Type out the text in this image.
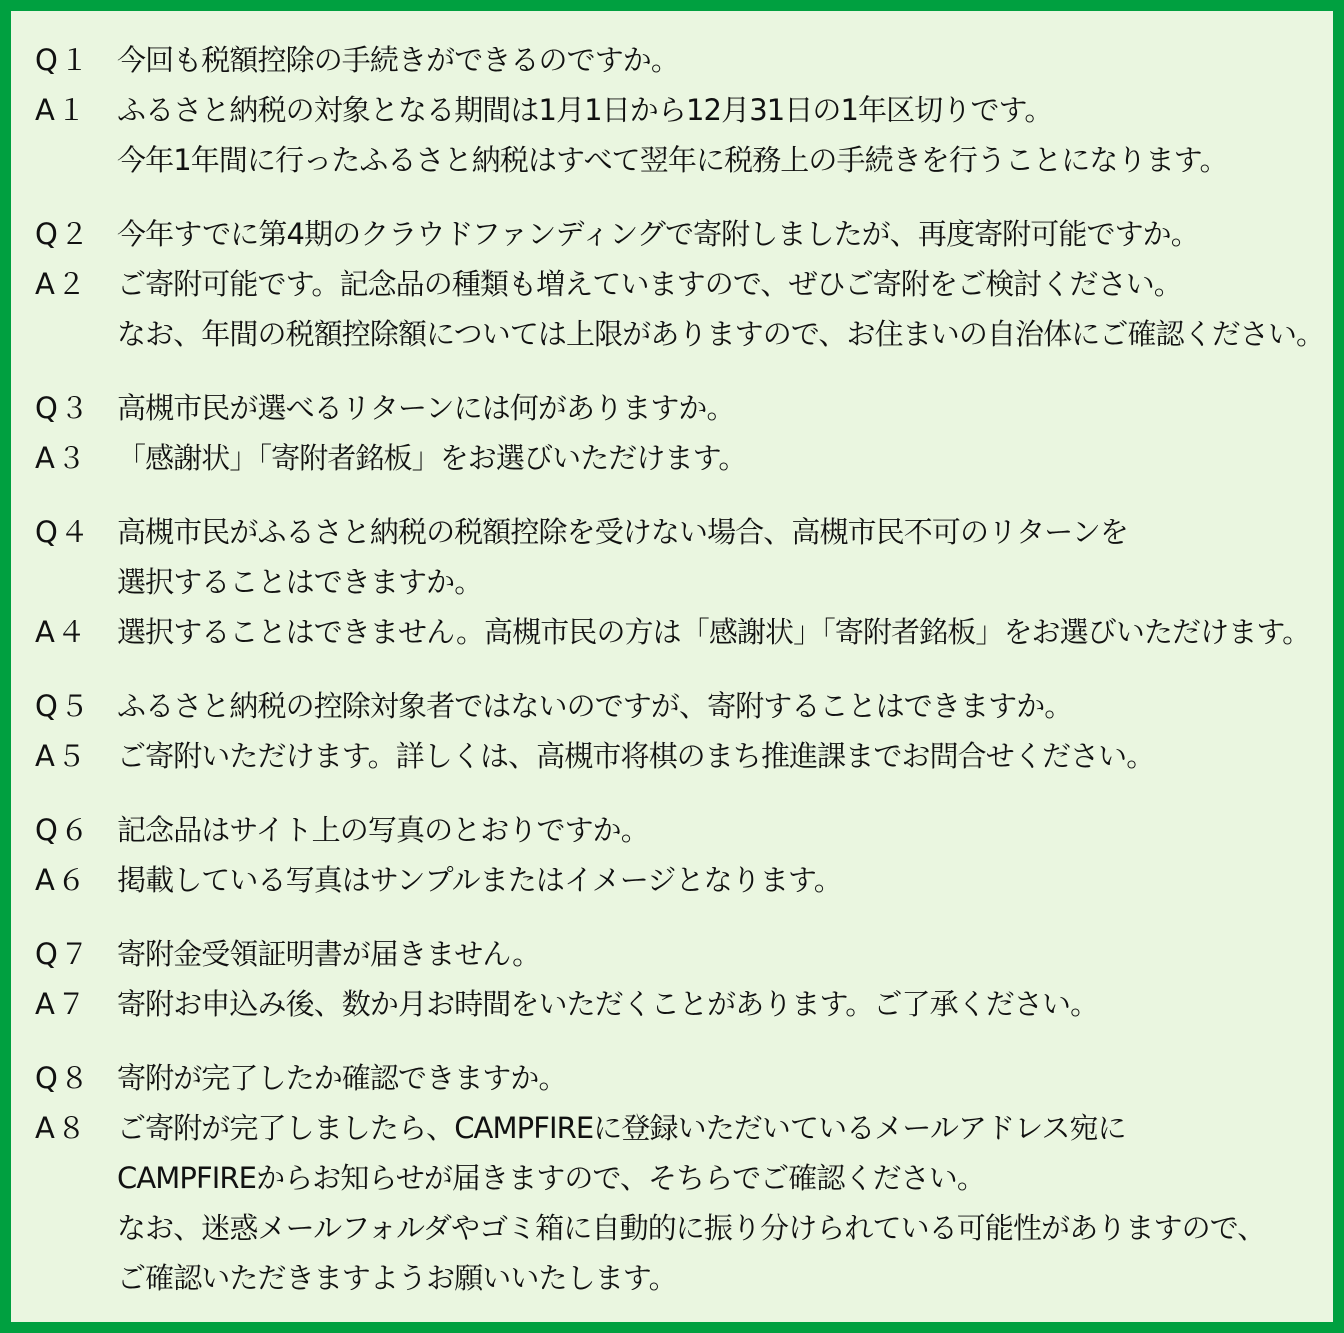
Q１ 今回も税額控除の手続きができるのですか。
A１	ふるさと納税の対象となる期間は1月1日から12月31日の1年区切りです。
今年1年間に行ったふるさと納税はすべて翌年に税務上の手続きを行うことになります。
Q２ 今年すでに第4期のクラウドファンディングで寄附しましたが、再度寄附可能ですか。
A２	ご寄附可能です。記念品の種類も増えていますので、ぜひご寄附をご検討ください。
なお、年間の税額控除額については上限がありますので、お住まいの自治体にご確認ください。
Q３ 高槻市民が選べるリターンには何がありますか。
A３	「感謝状」「寄附者銘板」をお選びいただけます。
Q４ 高槻市民がふるさと納税の税額控除を受けない場合、高槻市民不可のリターンを
選択することはできますか。
A４	選択することはできません。高槻市民の方は「感謝状」「寄附者銘板」をお選びいただけます。
Q５ ふるさと納税の控除対象者ではないのですが、寄附することはできますか。
A５	ご寄附いただけます。詳しくは、高槻市将棋のまち推進課までお問合せください。
Q６ 記念品はサイト上の写真のとおりですか。
A６	掲載している写真はサンプルまたはイメージとなります。
Q７ 寄附金受領証明書が届きません。
A７	寄附お申込み後、数か月お時間をいただくことがあります。ご了承ください。
Q８ 寄附が完了したか確認できますか。
A８	ご寄附が完了しましたら、CAMPFIREに登録いただいているメールアドレス宛に
CAMPFIREからお知らせが届きますので、そちらでご確認ください。
なお、迷惑メールフォルダやゴミ箱に自動的に振り分けられている可能性がありますので、
ご確認いただきますようお願いいたします。
